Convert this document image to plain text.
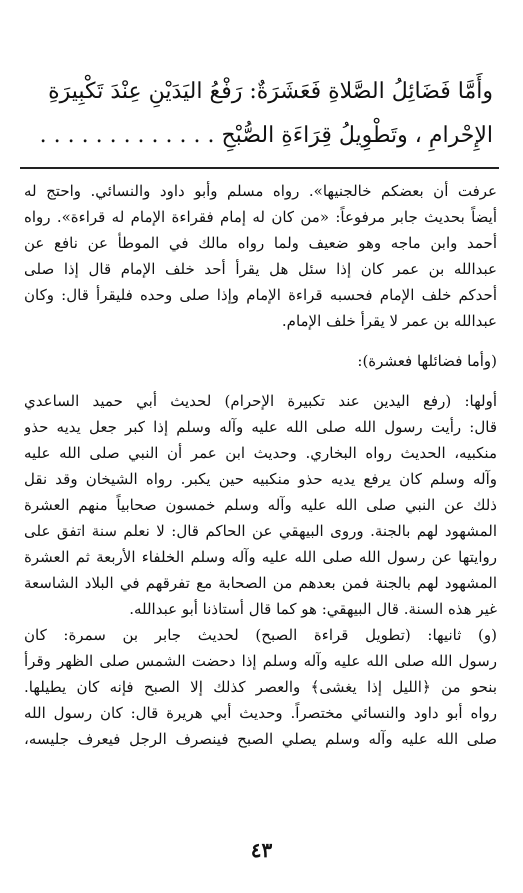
وأَمَّا فَضَائِلُ الصَّلاةِ فَعَشَرَةٌ: رَفْعُ اليَدَيْنِ عِنْدَ تَكْبِيرَةِ
الإِحْرامِ ، وتَطْوِيلُ قِرَاءَةِ الصُّبْحِ . . . . . . . . . . . . .
عرفت أن بعضكم خالجنيها». رواه مسلم وأبو داود والنسائي. واحتج له
أيضاً بحديث جابر مرفوعاً: «من كان له إمام فقراءة الإمام له قراءة». رواه
أحمد وابن ماجه وهو ضعيف ولما رواه مالك في الموطأ عن نافع عن
عبدالله بن عمر كان إذا سئل هل يقرأ أحد خلف الإمام قال إذا صلى
أحدكم خلف الإمام فحسبه قراءة الإمام وإذا صلى وحده فليقرأ قال: وكان
عبدالله بن عمر لا يقرأ خلف الإمام.
(وأما فضائلها فعشرة):
أولها: (رفع اليدين عند تكبيرة الإحرام) لحديث أبي حميد الساعدي
قال: رأيت رسول الله صلى الله عليه وآله وسلم إذا كبر جعل يديه حذو
منكبيه، الحديث رواه البخاري. وحديث ابن عمر أن النبي صلى الله عليه
وآله وسلم كان يرفع يديه حذو منكبيه حين يكبر. رواه الشيخان وقد نقل
ذلك عن النبي صلى الله عليه وآله وسلم خمسون صحابياً منهم العشرة
المشهود لهم بالجنة. وروى البيهقي عن الحاكم قال: لا نعلم سنة اتفق على
روايتها عن رسول الله صلى الله عليه وآله وسلم الخلفاء الأربعة ثم العشرة
المشهود لهم بالجنة فمن بعدهم من الصحابة مع تفرقهم في البلاد الشاسعة
غير هذه السنة. قال البيهقي: هو كما قال أستاذنا أبو عبدالله.
(و) ثانيها: (تطويل قراءة الصبح) لحديث جابر بن سمرة: كان
رسول الله صلى الله عليه وآله وسلم إذا دحضت الشمس صلى الظهر وقرأ
بنحو من ﴿الليل إذا يغشى﴾ والعصر كذلك إلا الصبح فإنه كان يطيلها.
رواه أبو داود والنسائي مختصراً. وحديث أبي هريرة قال: كان رسول الله
صلى الله عليه وآله وسلم يصلي الصبح فينصرف الرجل فيعرف جليسه،
٤٣
